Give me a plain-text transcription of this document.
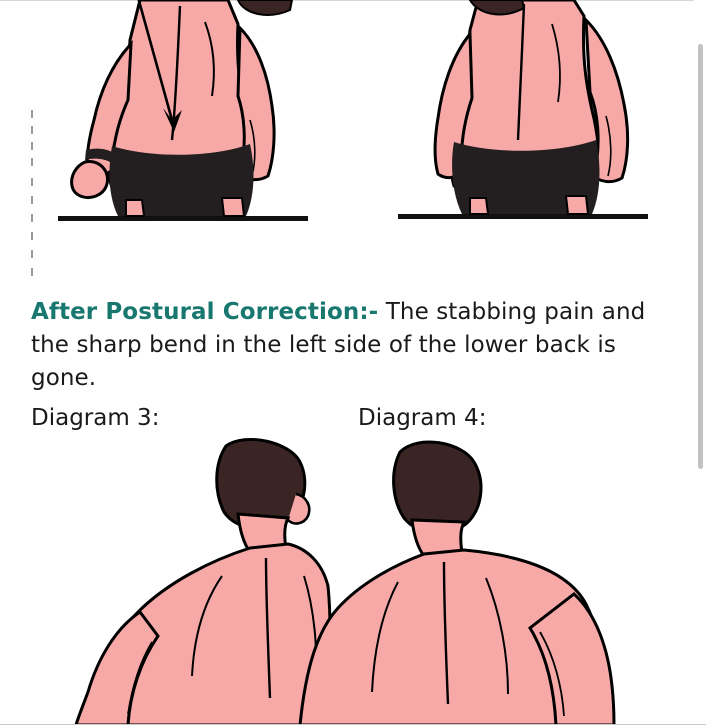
After Postural Correction:- The stabbing pain and the sharp bend in the left side of the lower back is gone.

Diagram 3:	Diagram 4:
